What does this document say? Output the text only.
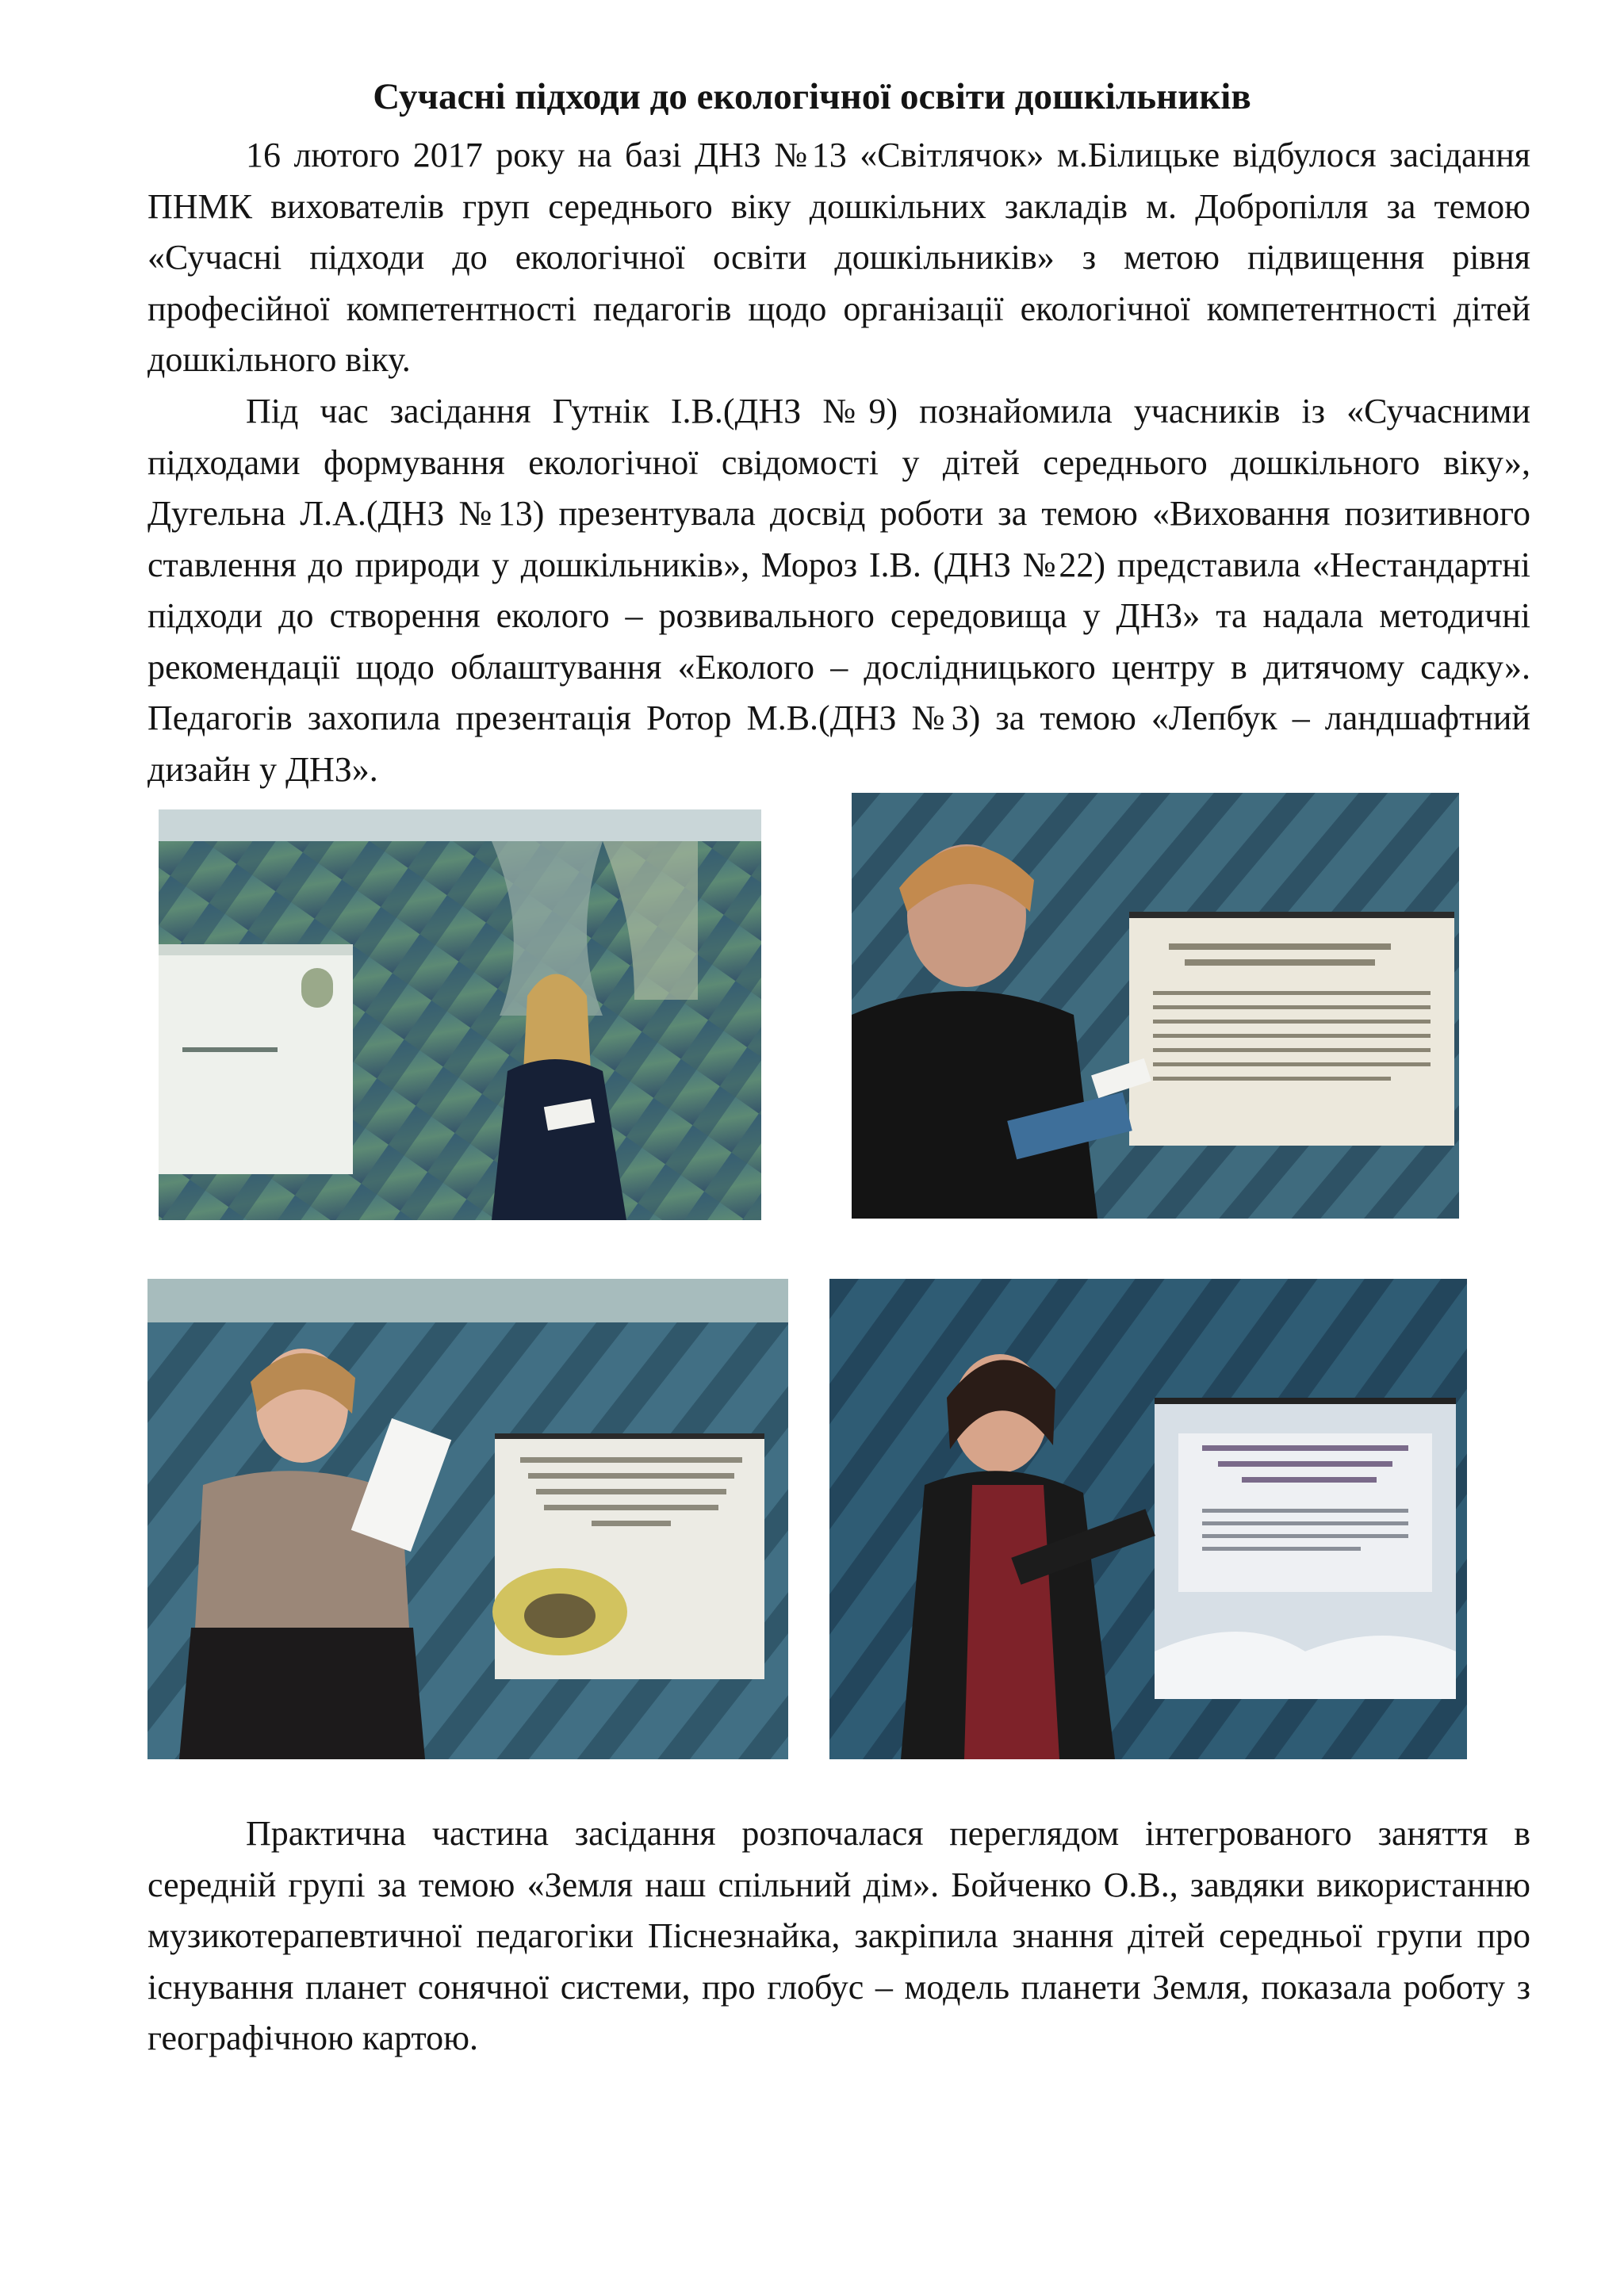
Сучасні підходи до екологічної освіти дошкільників

16 лютого 2017 року на базі ДНЗ №13 «Світлячок» м.Білицьке відбулося засідання ПНМК вихователів груп середнього віку дошкільних закладів м. Добропілля за темою «Сучасні підходи до екологічної освіти дошкільників» з метою підвищення рівня професійної компетентності педагогів щодо організації екологічної компетентності дітей дошкільного віку.

Під час засідання Гутнік І.В.(ДНЗ №9) познайомила учасників із «Сучасними підходами формування екологічної свідомості у дітей середнього дошкільного віку», Дугельна Л.А.(ДНЗ №13) презентувала досвід роботи за темою «Виховання позитивного ставлення до природи у дошкільників», Мороз І.В. (ДНЗ №22) представила «Нестандартні підходи до створення еколого – розвивального середовища у ДНЗ» та надала методичні рекомендації щодо облаштування «Еколого – дослідницького центру в дитячому садку». Педагогів захопила презентація Ротор М.В.(ДНЗ №3) за темою «Лепбук – ландшафтний дизайн у ДНЗ».

Практична частина засідання розпочалася переглядом інтегрованого заняття в середній групі за темою «Земля наш спільний дім». Бойченко О.В., завдяки використанню музикотерапевтичної педагогіки Піснезнайка, закріпила знання дітей середньої групи про існування планет сонячної системи, про глобус – модель планети Земля, показала роботу з географічною картою.
